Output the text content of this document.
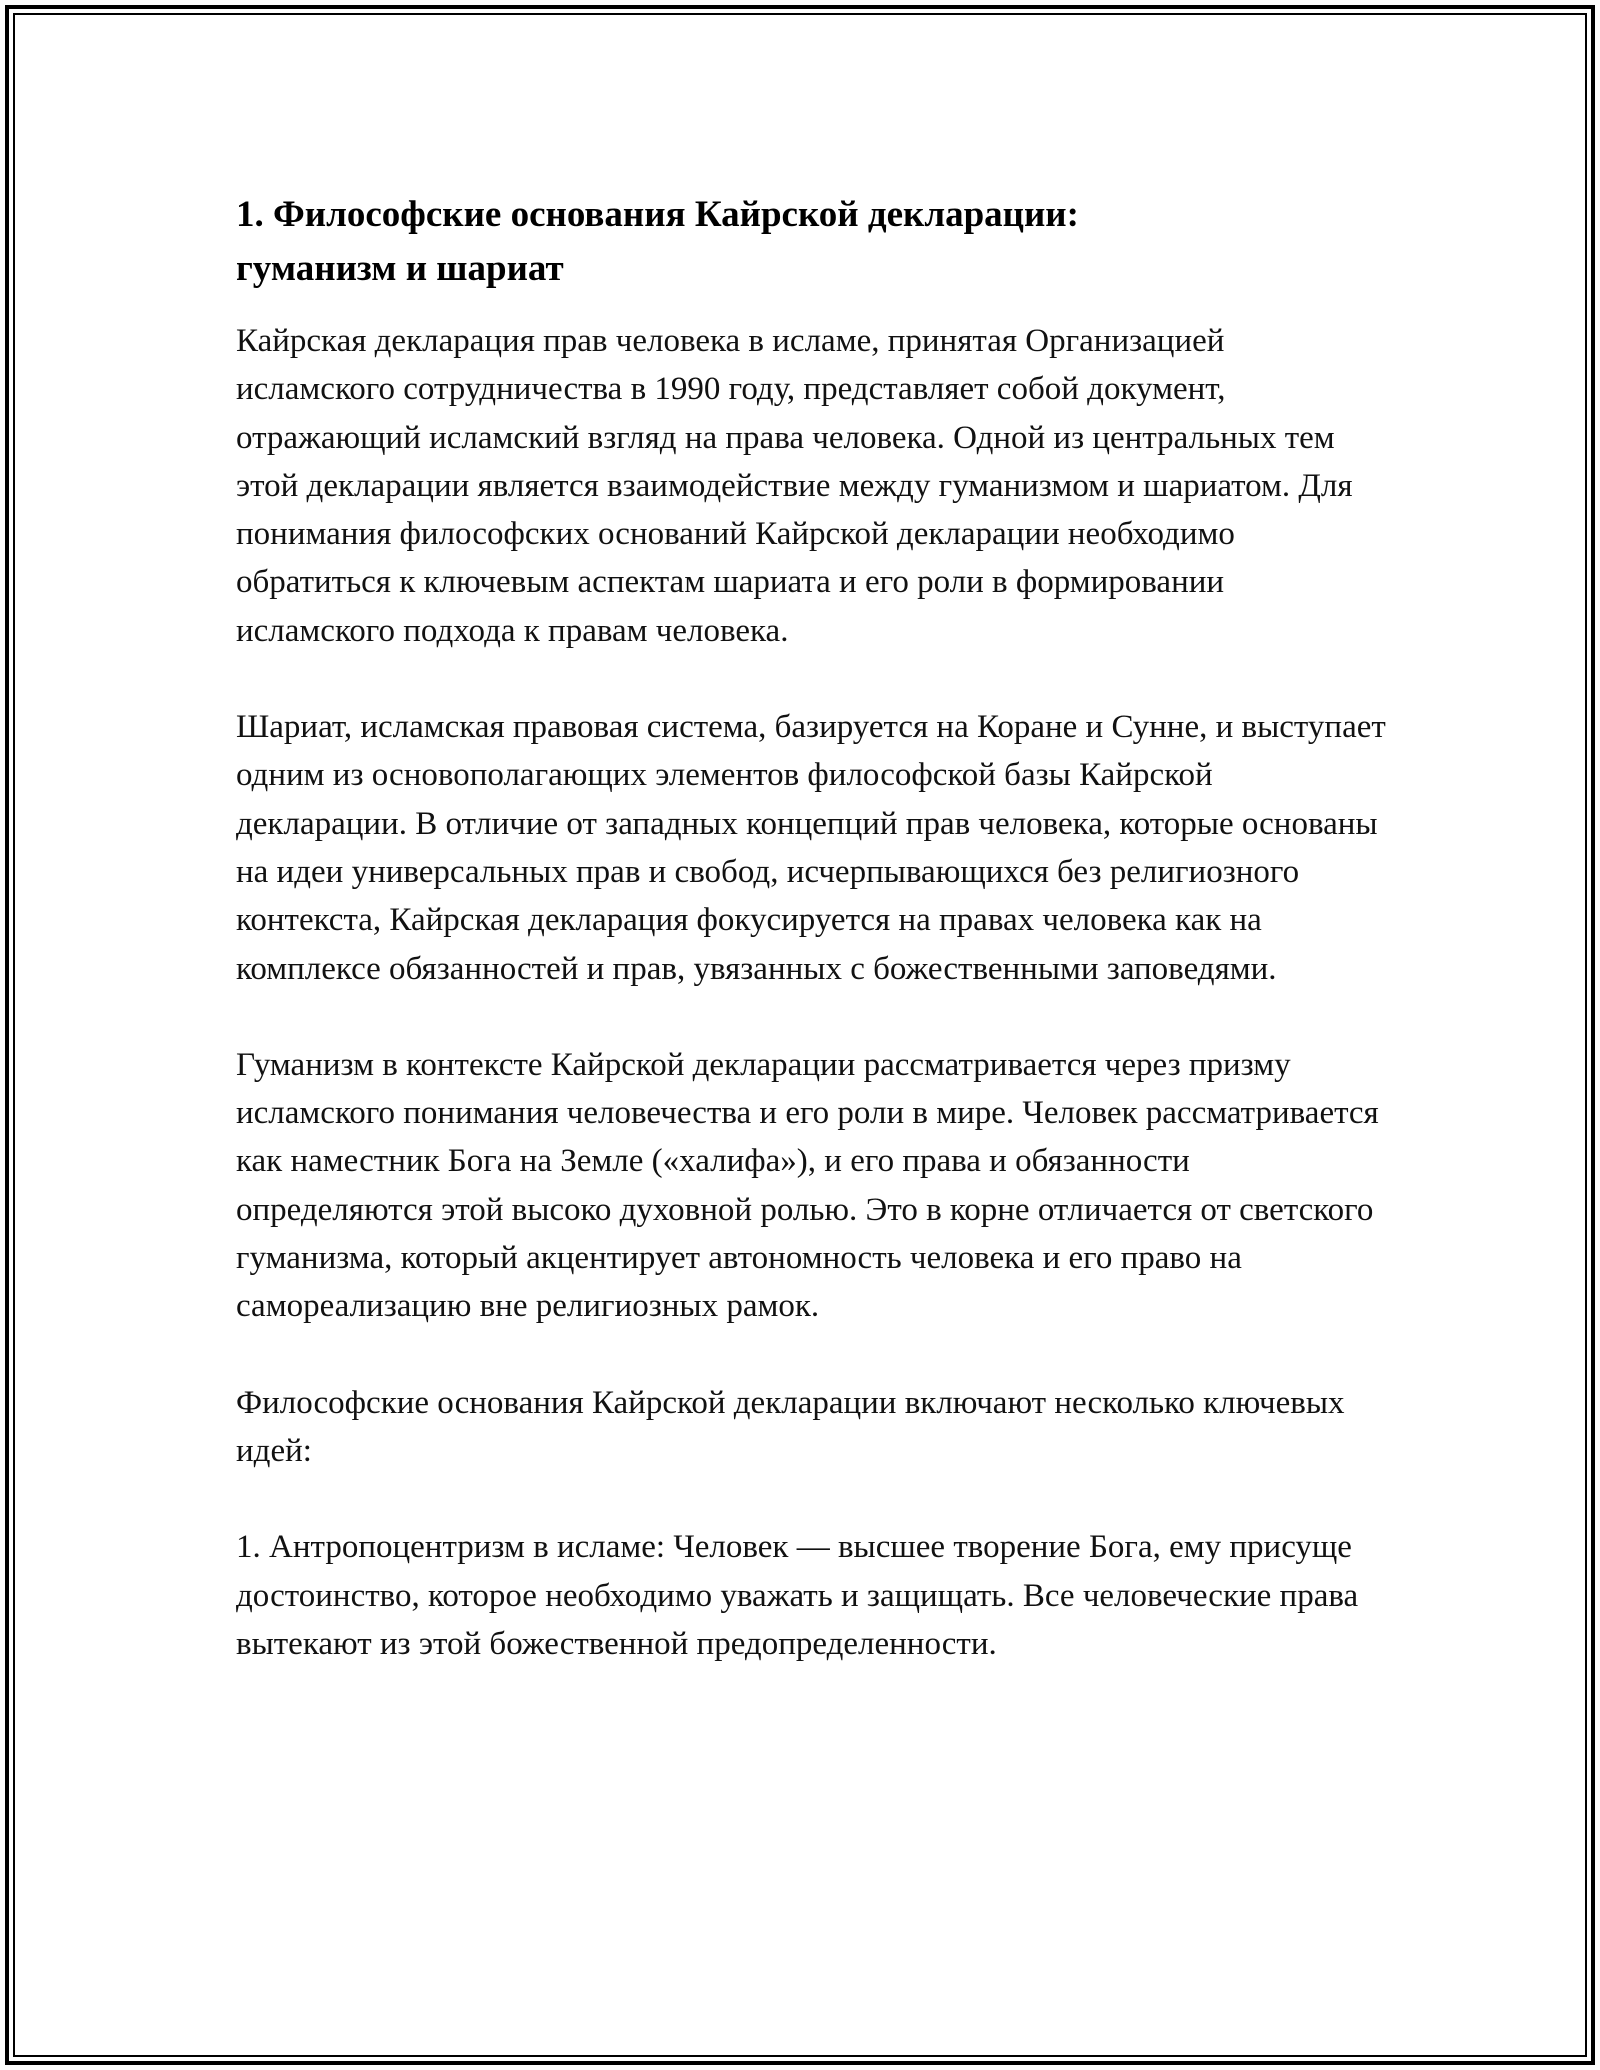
1. Философские основания Кайрской декларации:
гуманизм и шариат

Кайрская декларация прав человека в исламе, принятая Организацией исламского сотрудничества в 1990 году, представляет собой документ, отражающий исламский взгляд на права человека. Одной из центральных тем этой декларации является взаимодействие между гуманизмом и шариатом. Для понимания философских оснований Кайрской декларации необходимо обратиться к ключевым аспектам шариата и его роли в формировании исламского подхода к правам человека.

Шариат, исламская правовая система, базируется на Коране и Сунне, и выступает одним из основополагающих элементов философской базы Кайрской декларации. В отличие от западных концепций прав человека, которые основаны на идеи универсальных прав и свобод, исчерпывающихся без религиозного контекста, Кайрская декларация фокусируется на правах человека как на комплексе обязанностей и прав, увязанных с божественными заповедями.

Гуманизм в контексте Кайрской декларации рассматривается через призму исламского понимания человечества и его роли в мире. Человек рассматривается как наместник Бога на Земле («халифа»), и его права и обязанности определяются этой высоко духовной ролью. Это в корне отличается от светского гуманизма, который акцентирует автономность человека и его право на самореализацию вне религиозных рамок.

Философские основания Кайрской декларации включают несколько ключевых идей:

1. Антропоцентризм в исламе: Человек — высшее творение Бога, ему присуще достоинство, которое необходимо уважать и защищать. Все человеческие права вытекают из этой божественной предопределенности.
